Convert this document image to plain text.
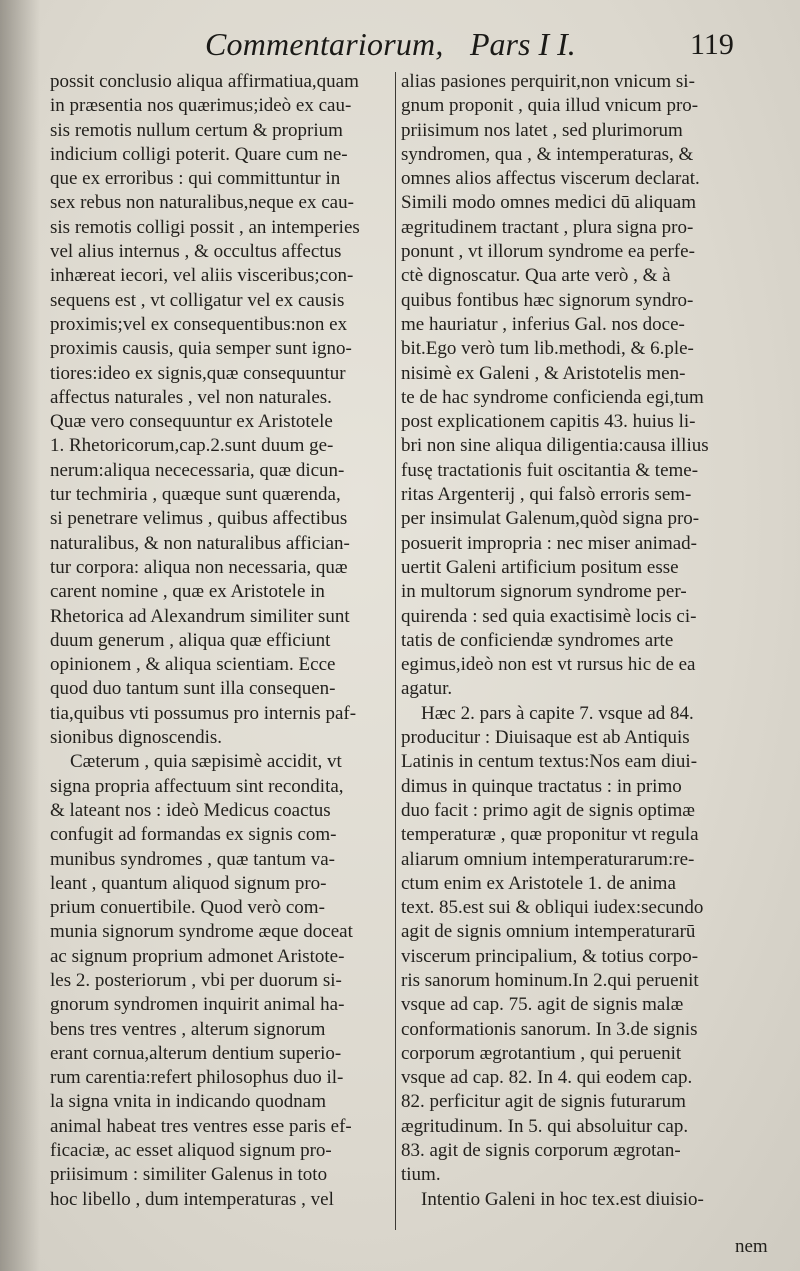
Commentariorum, Pars I I.	119
possit conclusio aliqua affirmatiua,quam
in præsentia nos quærimus;ideò ex cau-
sis remotis nullum certum & proprium
indicium colligi poterit. Quare cum ne-
que ex erroribus : qui committuntur in
sex rebus non naturalibus,neque ex cau-
sis remotis colligi possit , an intemperies
vel alius internus , & occultus affectus
inhæreat iecori, vel aliis visceribus;con-
sequens est , vt colligatur vel ex causis
proximis;vel ex consequentibus:non ex
proximis causis, quia semper sunt igno-
tiores:ideo ex signis,quæ consequuntur
affectus naturales , vel non naturales.
Quæ vero consequuntur ex Aristotele
1. Rhetoricorum,cap.2.sunt duum ge-
nerum:aliqua nececessaria, quæ dicun-
tur techmiria , quæque sunt quærenda,
si penetrare velimus , quibus affectibus
naturalibus, & non naturalibus affician-
tur corpora: aliqua non necessaria, quæ
carent nomine , quæ ex Aristotele in
Rhetorica ad Alexandrum similiter sunt
duum generum , aliqua quæ efficiunt
opinionem , & aliqua scientiam. Ecce
quod duo tantum sunt illa consequen-
tia,quibus vti possumus pro internis paf-
sionibus dignoscendis.
Cæterum , quia sæpisimè accidit, vt
signa propria affectuum sint recondita,
& lateant nos : ideò Medicus coactus
confugit ad formandas ex signis com-
munibus syndromes , quæ tantum va-
leant , quantum aliquod signum pro-
prium conuertibile. Quod verò com-
munia signorum syndrome æque doceat
ac signum proprium admonet Aristote-
les 2. posteriorum , vbi per duorum si-
gnorum syndromen inquirit animal ha-
bens tres ventres , alterum signorum
erant cornua,alterum dentium superio-
rum carentia:refert philosophus duo il-
la signa vnita in indicando quodnam
animal habeat tres ventres esse paris ef-
ficaciæ, ac esset aliquod signum pro-
priisimum : similiter Galenus in toto
hoc libello , dum intemperaturas , vel
alias pasiones perquirit,non vnicum si-
gnum proponit , quia illud vnicum pro-
priisimum nos latet , sed plurimorum
syndromen, qua , & intemperaturas, &
omnes alios affectus viscerum declarat.
Simili modo omnes medici dū aliquam
ægritudinem tractant , plura signa pro-
ponunt , vt illorum syndrome ea perfe-
ctè dignoscatur. Qua arte verò , & à
quibus fontibus hæc signorum syndro-
me hauriatur , inferius Gal. nos doce-
bit.Ego verò tum lib.methodi, & 6.ple-
nisimè ex Galeni , & Aristotelis men-
te de hac syndrome conficienda egi,tum
post explicationem capitis 43. huius li-
bri non sine aliqua diligentia:causa illius
fusę tractationis fuit oscitantia & teme-
ritas Argenterij , qui falsò erroris sem-
per insimulat Galenum,quòd signa pro-
posuerit impropria : nec miser animad-
uertit Galeni artificium positum esse
in multorum signorum syndrome per-
quirenda : sed quia exactisimè locis ci-
tatis de conficiendæ syndromes arte
egimus,ideò non est vt rursus hic de ea
agatur.
Hæc 2. pars à capite 7. vsque ad 84.
producitur : Diuisaque est ab Antiquis
Latinis in centum textus:Nos eam diui-
dimus in quinque tractatus : in primo
duo facit : primo agit de signis optimæ
temperaturæ , quæ proponitur vt regula
aliarum omnium intemperaturarum:re-
ctum enim ex Aristotele 1. de anima
text. 85.est sui & obliqui iudex:secundo
agit de signis omnium intemperaturarū
viscerum principalium, & totius corpo-
ris sanorum hominum.In 2.qui peruenit
vsque ad cap. 75. agit de signis malæ
conformationis sanorum. In 3.de signis
corporum ægrotantium , qui peruenit
vsque ad cap. 82. In 4. qui eodem cap.
82. perficitur agit de signis futurarum
ægritudinum. In 5. qui absoluitur cap.
83. agit de signis corporum ægrotan-
tium.
Intentio Galeni in hoc tex.est diuisio-
nem
